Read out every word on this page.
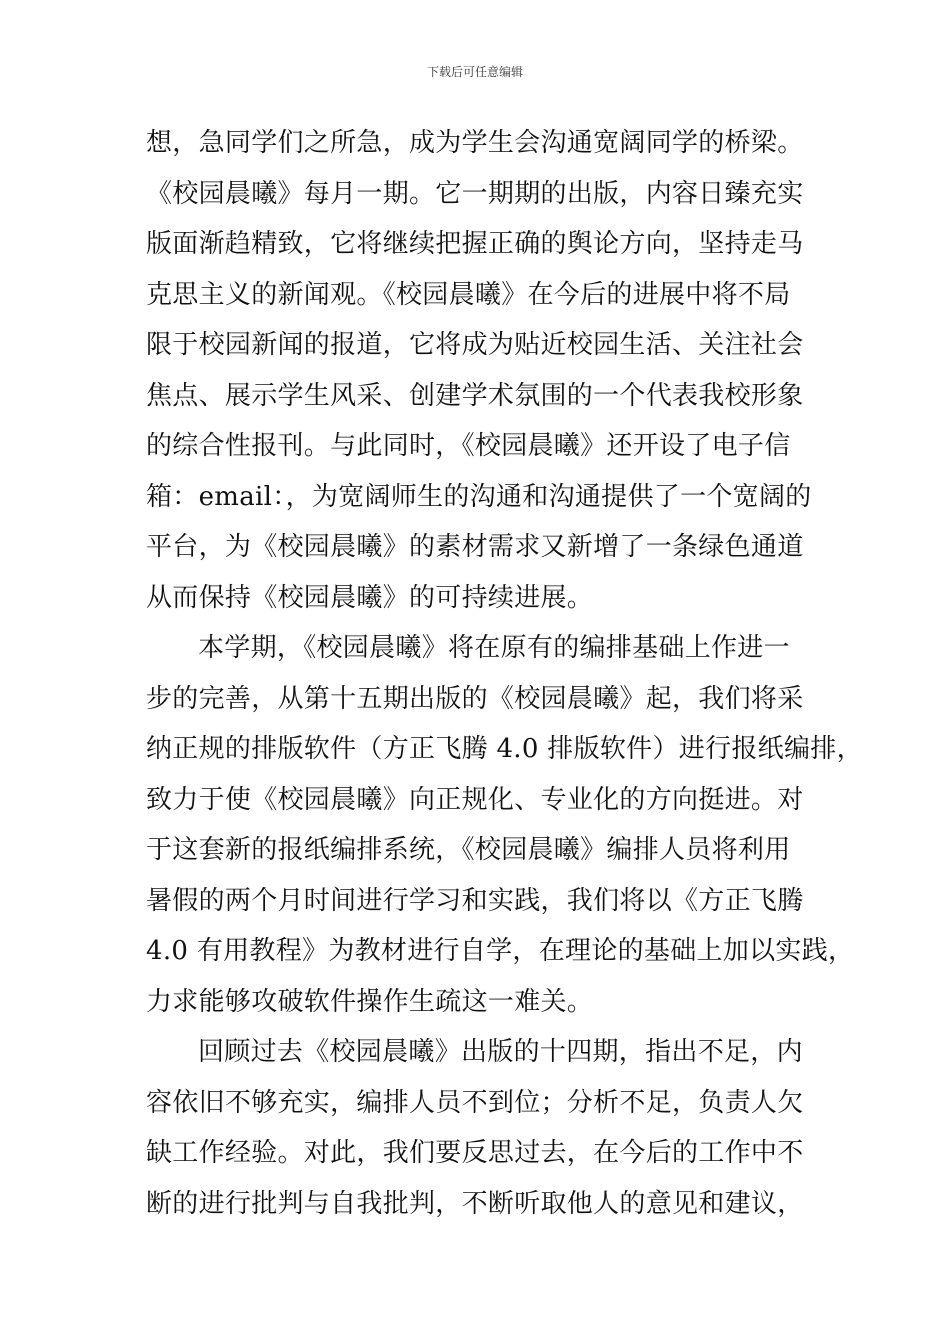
下载后可任意编辑
想，急同学们之所急，成为学生会沟通宽阔同学的桥梁。
《校园晨曦》每月一期。它一期期的出版，内容日臻充实
版面渐趋精致，它将继续把握正确的舆论方向，坚持走马
克思主义的新闻观。《校园晨曦》在今后的进展中将不局
限于校园新闻的报道，它将成为贴近校园生活、关注社会
焦点、展示学生风采、创建学术氛围的一个代表我校形象
的综合性报刊。与此同时，《校园晨曦》还开设了电子信
箱：email：，为宽阔师生的沟通和沟通提供了一个宽阔的
平台，为《校园晨曦》的素材需求又新增了一条绿色通道
从而保持《校园晨曦》的可持续进展。
本学期，《校园晨曦》将在原有的编排基础上作进一
步的完善，从第十五期出版的《校园晨曦》起，我们将采
纳正规的排版软件（方正飞腾 4.0 排版软件）进行报纸编排，
致力于使《校园晨曦》向正规化、专业化的方向挺进。对
于这套新的报纸编排系统，《校园晨曦》编排人员将利用
暑假的两个月时间进行学习和实践，我们将以《方正飞腾
4.0 有用教程》为教材进行自学，在理论的基础上加以实践，
力求能够攻破软件操作生疏这一难关。
回顾过去《校园晨曦》出版的十四期，指出不足，内
容依旧不够充实，编排人员不到位；分析不足，负责人欠
缺工作经验。对此，我们要反思过去，在今后的工作中不
断的进行批判与自我批判，不断听取他人的意见和建议，
